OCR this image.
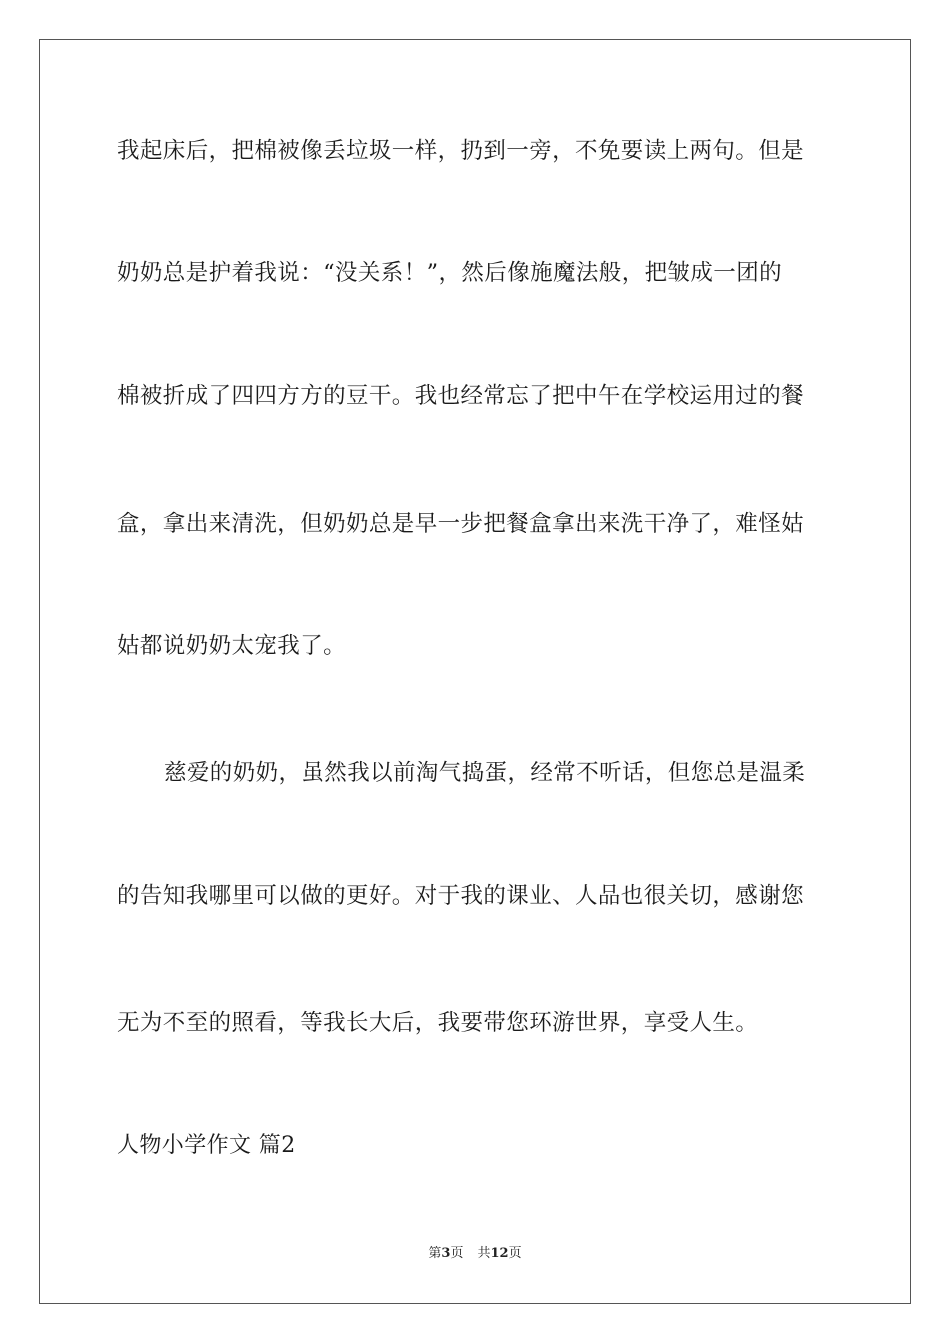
我起床后，把棉被像丢垃圾一样，扔到一旁，不免要读上两句。但是
奶奶总是护着我说：“没关系！”，然后像施魔法般，把皱成一团的
棉被折成了四四方方的豆干。我也经常忘了把中午在学校运用过的餐
盒，拿出来清洗，但奶奶总是早一步把餐盒拿出来洗干净了，难怪姑
姑都说奶奶太宠我了。
慈爱的奶奶，虽然我以前淘气捣蛋，经常不听话，但您总是温柔
的告知我哪里可以做的更好。对于我的课业、人品也很关切，感谢您
无为不至的照看，等我长大后，我要带您环游世界，享受人生。
人物小学作文 篇2
第3页 共12页
